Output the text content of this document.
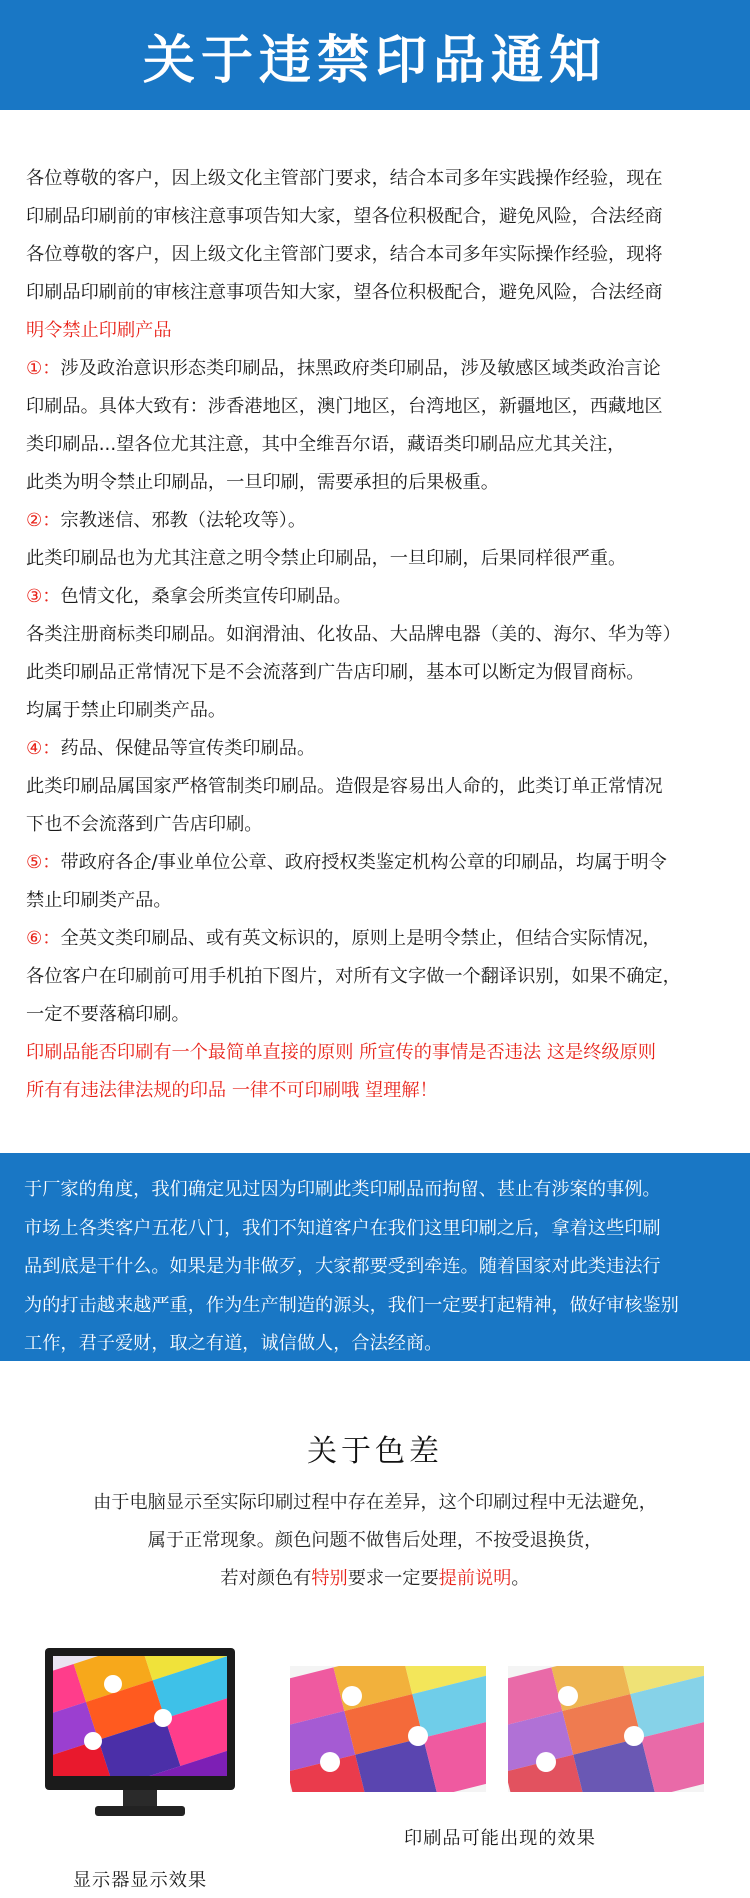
关于违禁印品通知

各位尊敬的客户，因上级文化主管部门要求，结合本司多年实践操作经验，现在

印刷品印刷前的审核注意事项告知大家，望各位积极配合，避免风险，合法经商

各位尊敬的客户，因上级文化主管部门要求，结合本司多年实际操作经验，现将

印刷品印刷前的审核注意事项告知大家，望各位积极配合，避免风险，合法经商

明令禁止印刷产品

①：涉及政治意识形态类印刷品，抹黑政府类印刷品，涉及敏感区域类政治言论

印刷品。具体大致有：涉香港地区，澳门地区，台湾地区，新疆地区，西藏地区

类印刷品...望各位尤其注意，其中全维吾尔语，藏语类印刷品应尤其关注，

此类为明令禁止印刷品，一旦印刷，需要承担的后果极重。

②：宗教迷信、邪教（法轮攻等）。

此类印刷品也为尤其注意之明令禁止印刷品，一旦印刷，后果同样很严重。

③：色情文化，桑拿会所类宣传印刷品。

各类注册商标类印刷品。如润滑油、化妆品、大品牌电器（美的、海尔、华为等）

此类印刷品正常情况下是不会流落到广告店印刷，基本可以断定为假冒商标。

均属于禁止印刷类产品。

④：药品、保健品等宣传类印刷品。

此类印刷品属国家严格管制类印刷品。造假是容易出人命的，此类订单正常情况

下也不会流落到广告店印刷。

⑤：带政府各企/事业单位公章、政府授权类鉴定机构公章的印刷品，均属于明令

禁止印刷类产品。

⑥：全英文类印刷品、或有英文标识的，原则上是明令禁止，但结合实际情况，

各位客户在印刷前可用手机拍下图片，对所有文字做一个翻译识别，如果不确定，

一定不要落稿印刷。

印刷品能否印刷有一个最简单直接的原则 所宣传的事情是否违法 这是终级原则

所有有违法律法规的印品 一律不可印刷哦 望理解！

于厂家的角度，我们确定见过因为印刷此类印刷品而拘留、甚止有涉案的事例。

市场上各类客户五花八门，我们不知道客户在我们这里印刷之后，拿着这些印刷

品到底是干什么。如果是为非做歹，大家都要受到牵连。随着国家对此类违法行

为的打击越来越严重，作为生产制造的源头，我们一定要打起精神，做好审核鉴别

工作，君子爱财，取之有道，诚信做人，合法经商。

关于色差

由于电脑显示至实际印刷过程中存在差异，这个印刷过程中无法避免，

属于正常现象。颜色问题不做售后处理，不按受退换货，

若对颜色有特别要求一定要提前说明。

显示器显示效果
印刷品可能出现的效果
